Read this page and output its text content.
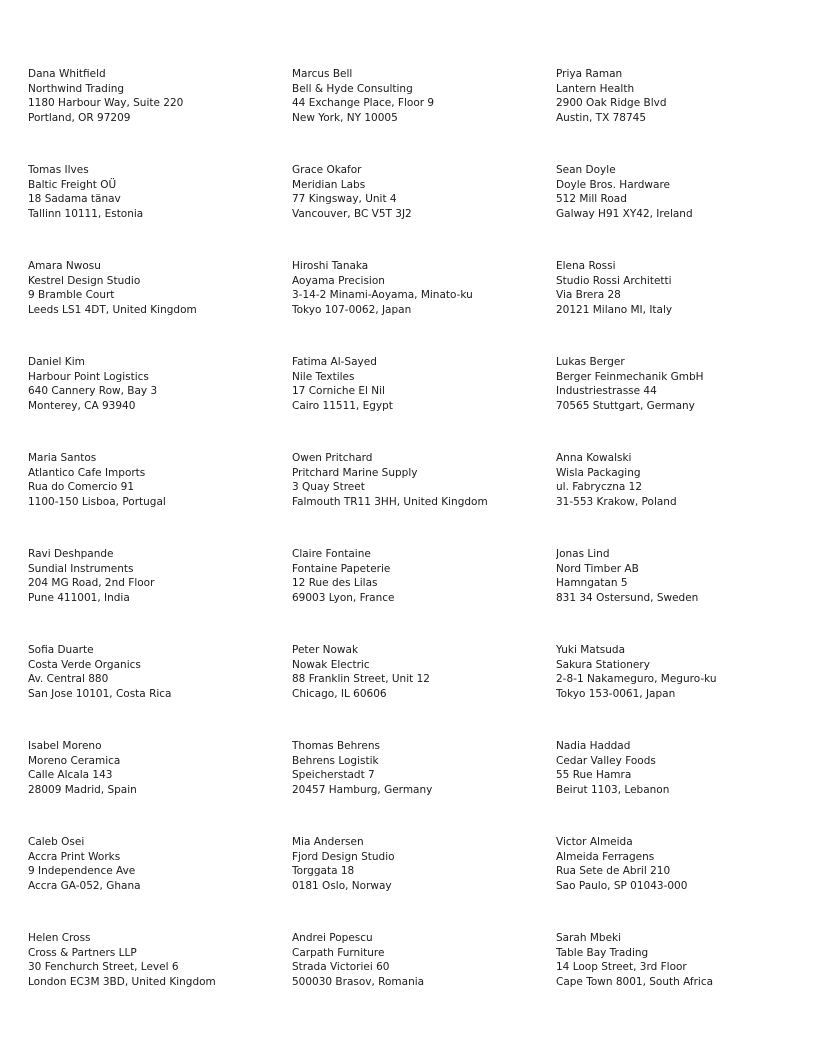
Dana Whitfield
Northwind Trading
1180 Harbour Way, Suite 220
Portland, OR 97209
Marcus Bell
Bell & Hyde Consulting
44 Exchange Place, Floor 9
New York, NY 10005
Priya Raman
Lantern Health
2900 Oak Ridge Blvd
Austin, TX 78745
Tomas Ilves
Baltic Freight OÜ
18 Sadama tänav
Tallinn 10111, Estonia
Grace Okafor
Meridian Labs
77 Kingsway, Unit 4
Vancouver, BC V5T 3J2
Sean Doyle
Doyle Bros. Hardware
512 Mill Road
Galway H91 XY42, Ireland
Amara Nwosu
Kestrel Design Studio
9 Bramble Court
Leeds LS1 4DT, United Kingdom
Hiroshi Tanaka
Aoyama Precision
3-14-2 Minami-Aoyama, Minato-ku
Tokyo 107-0062, Japan
Elena Rossi
Studio Rossi Architetti
Via Brera 28
20121 Milano MI, Italy
Daniel Kim
Harbour Point Logistics
640 Cannery Row, Bay 3
Monterey, CA 93940
Fatima Al-Sayed
Nile Textiles
17 Corniche El Nil
Cairo 11511, Egypt
Lukas Berger
Berger Feinmechanik GmbH
Industriestrasse 44
70565 Stuttgart, Germany
Maria Santos
Atlantico Cafe Imports
Rua do Comercio 91
1100-150 Lisboa, Portugal
Owen Pritchard
Pritchard Marine Supply
3 Quay Street
Falmouth TR11 3HH, United Kingdom
Anna Kowalski
Wisla Packaging
ul. Fabryczna 12
31-553 Krakow, Poland
Ravi Deshpande
Sundial Instruments
204 MG Road, 2nd Floor
Pune 411001, India
Claire Fontaine
Fontaine Papeterie
12 Rue des Lilas
69003 Lyon, France
Jonas Lind
Nord Timber AB
Hamngatan 5
831 34 Ostersund, Sweden
Sofia Duarte
Costa Verde Organics
Av. Central 880
San Jose 10101, Costa Rica
Peter Nowak
Nowak Electric
88 Franklin Street, Unit 12
Chicago, IL 60606
Yuki Matsuda
Sakura Stationery
2-8-1 Nakameguro, Meguro-ku
Tokyo 153-0061, Japan
Isabel Moreno
Moreno Ceramica
Calle Alcala 143
28009 Madrid, Spain
Thomas Behrens
Behrens Logistik
Speicherstadt 7
20457 Hamburg, Germany
Nadia Haddad
Cedar Valley Foods
55 Rue Hamra
Beirut 1103, Lebanon
Caleb Osei
Accra Print Works
9 Independence Ave
Accra GA-052, Ghana
Mia Andersen
Fjord Design Studio
Torggata 18
0181 Oslo, Norway
Victor Almeida
Almeida Ferragens
Rua Sete de Abril 210
Sao Paulo, SP 01043-000
Helen Cross
Cross & Partners LLP
30 Fenchurch Street, Level 6
London EC3M 3BD, United Kingdom
Andrei Popescu
Carpath Furniture
Strada Victoriei 60
500030 Brasov, Romania
Sarah Mbeki
Table Bay Trading
14 Loop Street, 3rd Floor
Cape Town 8001, South Africa
